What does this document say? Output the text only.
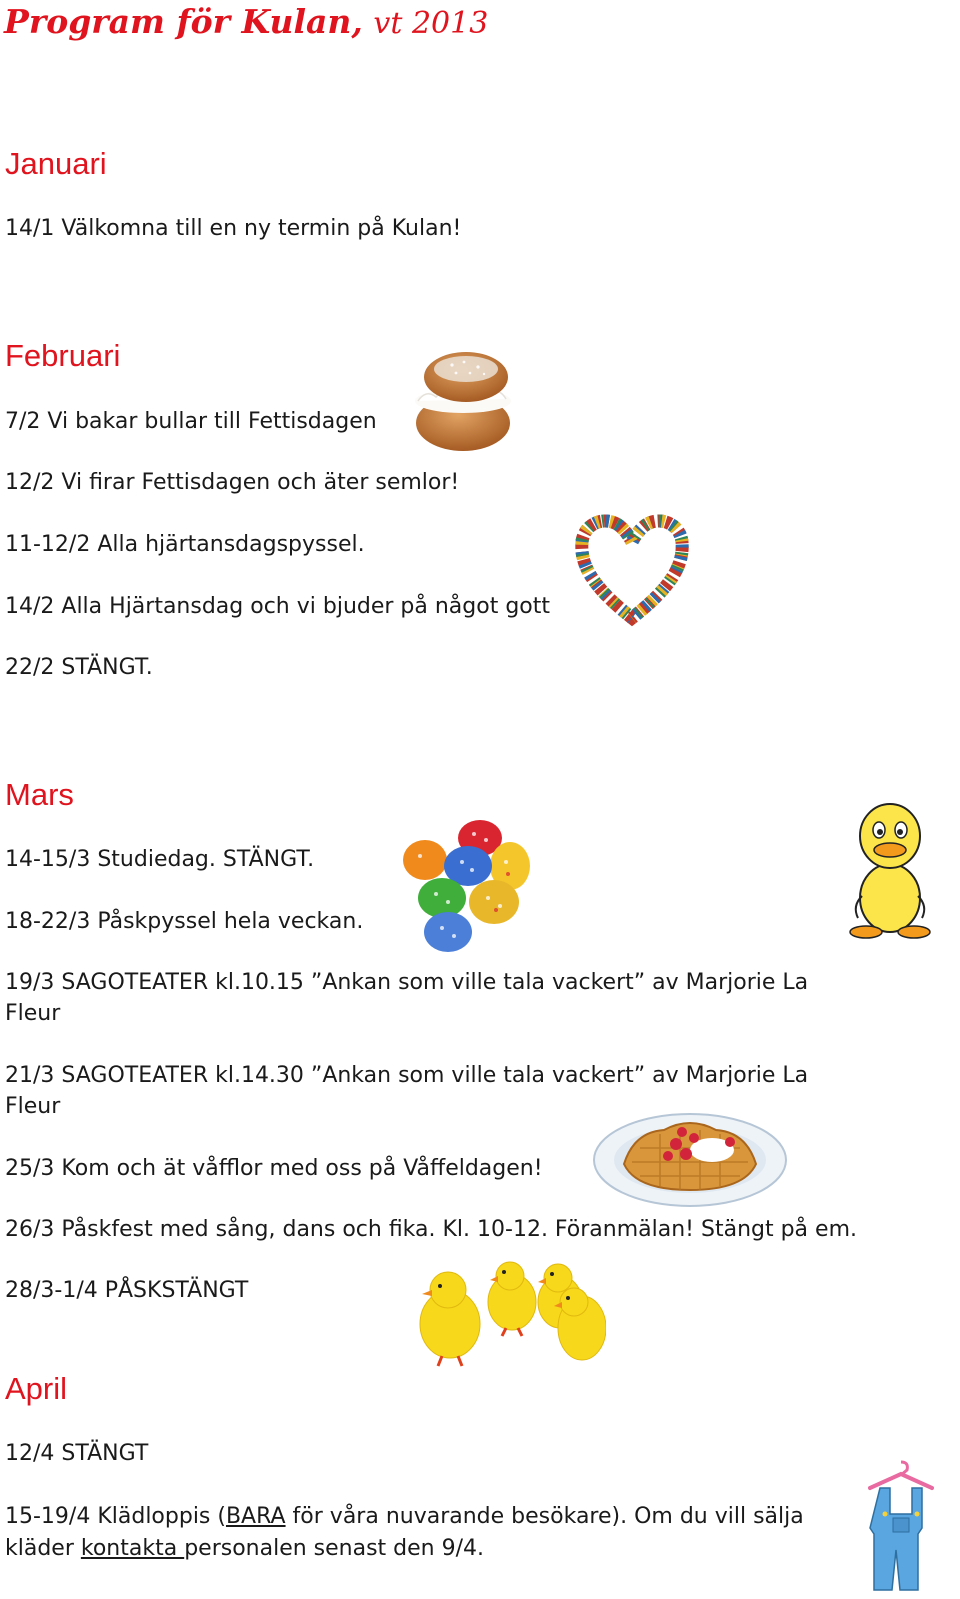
Program för Kulan, vt 2013
Januari
14/1 Välkomna till en ny termin på Kulan!
Februari
7/2 Vi bakar bullar till Fettisdagen
12/2 Vi firar Fettisdagen och äter semlor!
11-12/2 Alla hjärtansdagspyssel.
14/2 Alla Hjärtansdag och vi bjuder på något gott
22/2 STÄNGT.
Mars
14-15/3 Studiedag. STÄNGT.
18-22/3 Påskpyssel hela veckan.
19/3 SAGOTEATER kl.10.15 ”Ankan som ville tala vackert” av Marjorie La
Fleur
21/3 SAGOTEATER kl.14.30 ”Ankan som ville tala vackert” av Marjorie La
Fleur
25/3 Kom och ät våfflor med oss på Våffeldagen!
26/3 Påskfest med sång, dans och fika. Kl. 10-12. Föranmälan! Stängt på em.
28/3-1/4 PÅSKSTÄNGT
April
12/4 STÄNGT
15-19/4 Klädloppis (BARA för våra nuvarande besökare). Om du vill sälja
kläder kontakta personalen senast den 9/4.
